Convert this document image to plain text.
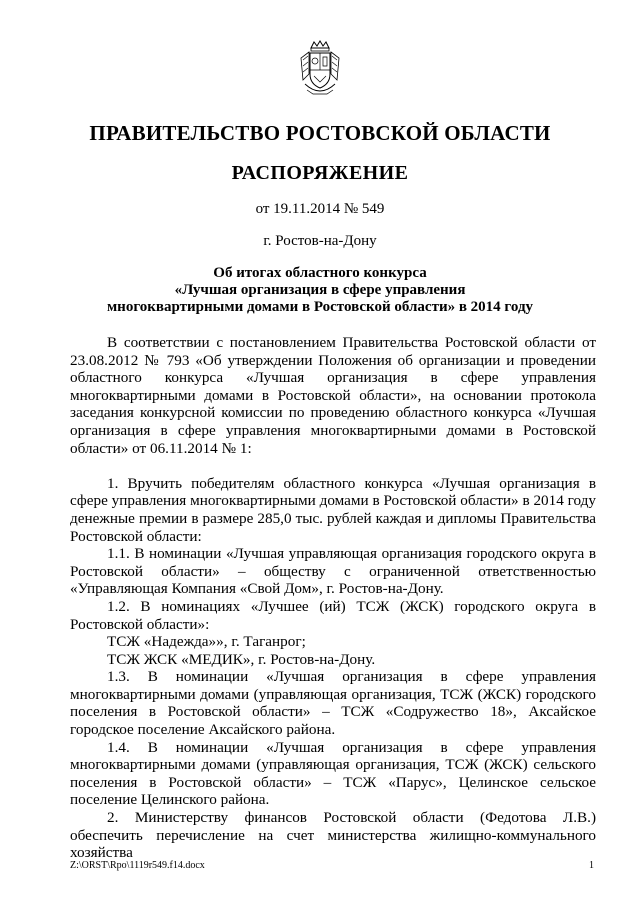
ПРАВИТЕЛЬСТВО РОСТОВСКОЙ ОБЛАСТИ
РАСПОРЯЖЕНИЕ
от 19.11.2014 № 549
г. Ростов-на-Дону
Об итогах областного конкурса
«Лучшая организация в сфере управления
многоквартирными домами в Ростовской области» в 2014 году

В соответствии с постановлением Правительства Ростовской области от 23.08.2012 № 793 «Об утверждении Положения об организации и проведении областного конкурса «Лучшая организация в сфере управления многоквартирными домами в Ростовской области», на основании протокола заседания конкурсной комиссии по проведению областного конкурса «Лучшая организация в сфере управления многоквартирными домами в Ростовской области» от 06.11.2014 № 1:

1. Вручить победителям областного конкурса «Лучшая организация в сфере управления многоквартирными домами в Ростовской области» в 2014 году денежные премии в размере 285,0 тыс. рублей каждая и дипломы Правительства Ростовской области:

1.1. В номинации «Лучшая управляющая организация городского округа в Ростовской области» – обществу с ограниченной ответственностью «Управляющая Компания «Свой Дом», г. Ростов-на-Дону.

1.2. В номинациях «Лучшее (ий) ТСЖ (ЖСК) городского округа в Ростовской области»:

ТСЖ «Надежда»», г. Таганрог;

ТСЖ ЖСК «МЕДИК», г. Ростов-на-Дону.

1.3. В номинации «Лучшая организация в сфере управления многоквартирными домами (управляющая организация, ТСЖ (ЖСК) городского поселения в Ростовской области» – ТСЖ «Содружество 18», Аксайское городское поселение Аксайского района.

1.4. В номинации «Лучшая организация в сфере управления многоквартирными домами (управляющая организация, ТСЖ (ЖСК) сельского поселения в Ростовской области» – ТСЖ «Парус», Целинское сельское поселение Целинского района.

2. Министерству финансов Ростовской области (Федотова Л.В.) обеспечить перечисление на счет министерства жилищно-коммунального хозяйства

Z:\ORST\Rpo\1119r549.f14.docx	1
